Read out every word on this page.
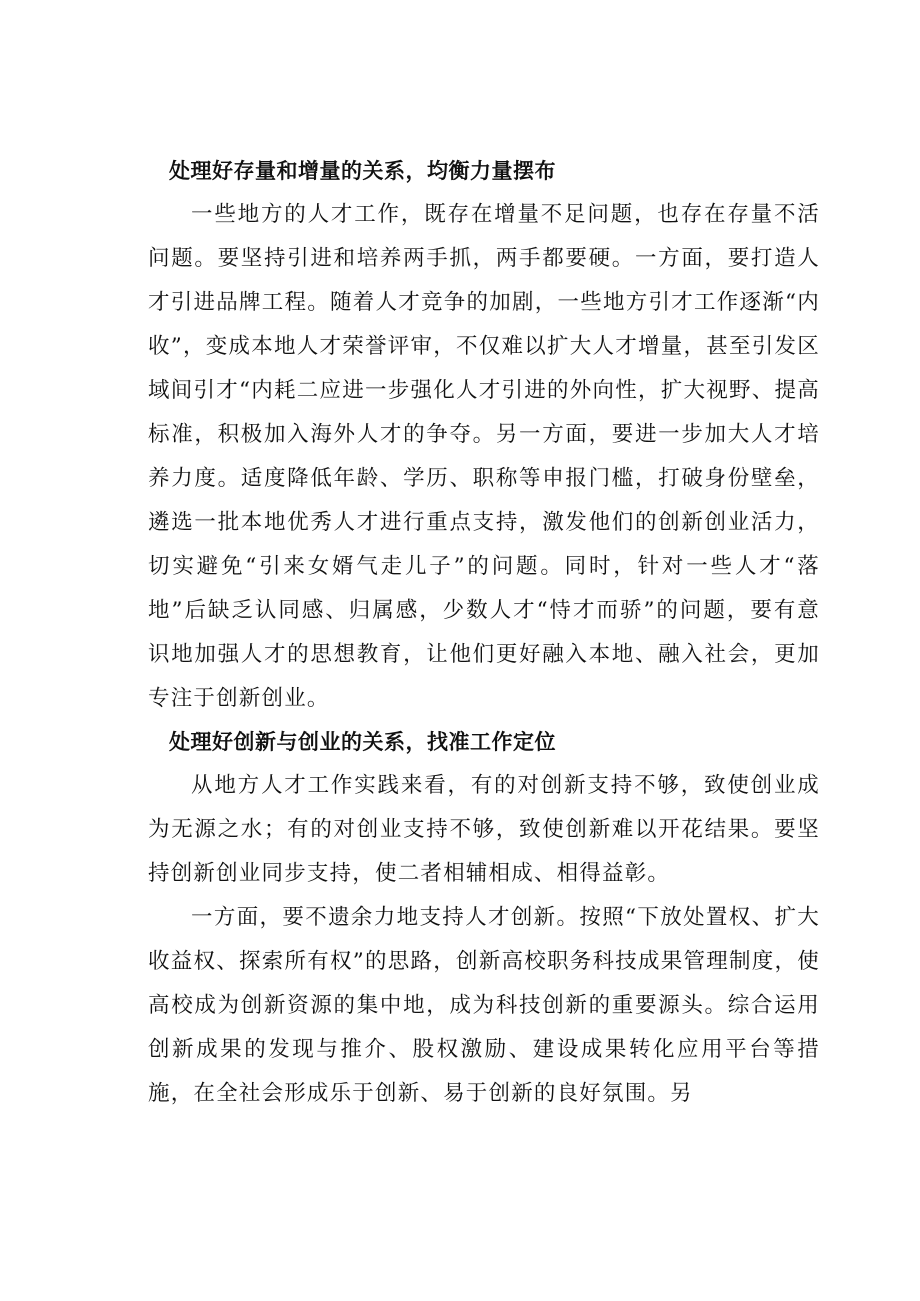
处理好存量和增量的关系，均衡力量摆布

一些地方的人才工作，既存在增量不足问题，也存在存量不活问题。要坚持引进和培养两手抓，两手都要硬。一方面，要打造人才引进品牌工程。随着人才竞争的加剧，一些地方引才工作逐渐“内收”，变成本地人才荣誉评审，不仅难以扩大人才增量，甚至引发区域间引才“内耗二应进一步强化人才引进的外向性，扩大视野、提高标准，积极加入海外人才的争夺。另一方面，要进一步加大人才培养力度。适度降低年龄、学历、职称等申报门槛，打破身份壁垒，遴选一批本地优秀人才进行重点支持，激发他们的创新创业活力，切实避免“引来女婿气走儿子”的问题。同时，针对一些人才“落地”后缺乏认同感、归属感，少数人才“恃才而骄”的问题，要有意识地加强人才的思想教育，让他们更好融入本地、融入社会，更加专注于创新创业。

处理好创新与创业的关系，找准工作定位

从地方人才工作实践来看，有的对创新支持不够，致使创业成为无源之水；有的对创业支持不够，致使创新难以开花结果。要坚持创新创业同步支持，使二者相辅相成、相得益彰。

一方面，要不遗余力地支持人才创新。按照“下放处置权、扩大收益权、探索所有权”的思路，创新高校职务科技成果管理制度，使高校成为创新资源的集中地，成为科技创新的重要源头。综合运用创新成果的发现与推介、股权激励、建设成果转化应用平台等措施，在全社会形成乐于创新、易于创新的良好氛围。另
